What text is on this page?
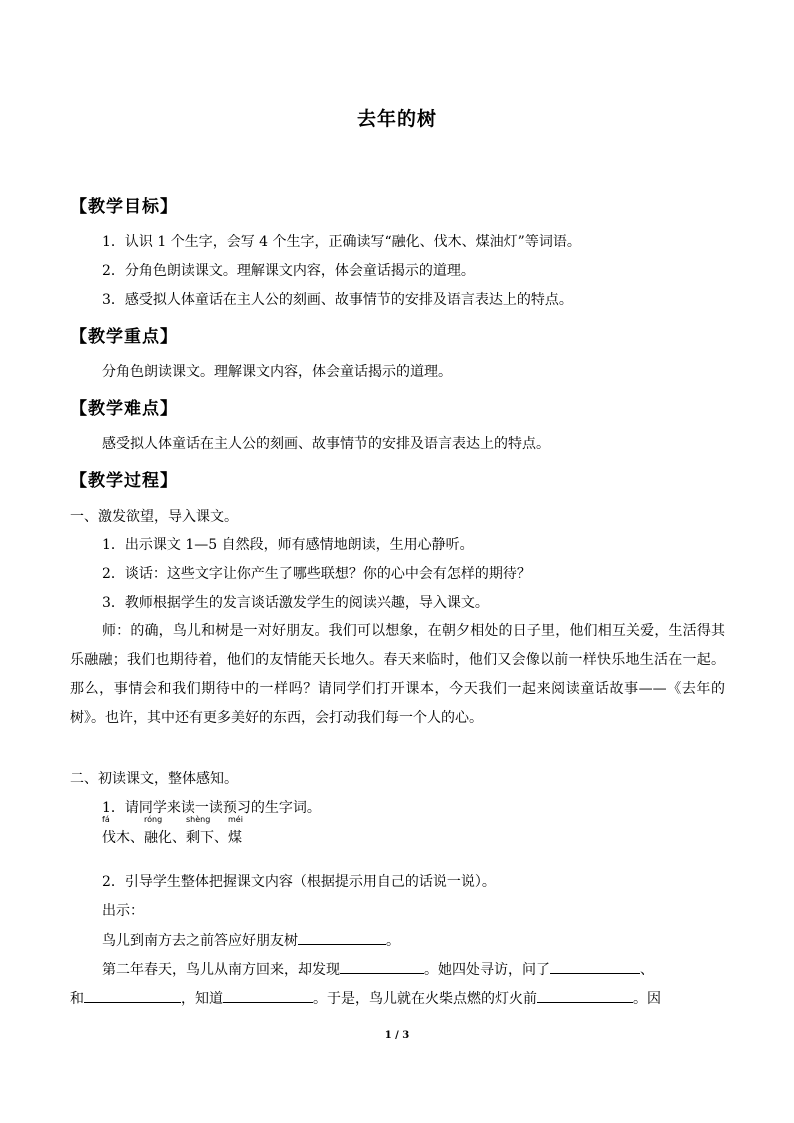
去年的树
【教学目标】
1．认识 1 个生字，会写 4 个生字，正确读写“融化、伐木、煤油灯”等词语。
2．分角色朗读课文。理解课文内容，体会童话揭示的道理。
3．感受拟人体童话在主人公的刻画、故事情节的安排及语言表达上的特点。
【教学重点】
分角色朗读课文。理解课文内容，体会童话揭示的道理。
【教学难点】
感受拟人体童话在主人公的刻画、故事情节的安排及语言表达上的特点。
【教学过程】
一、激发欲望，导入课文。
1．出示课文 1—5 自然段，师有感情地朗读，生用心静听。
2．谈话：这些文字让你产生了哪些联想？你的心中会有怎样的期待？
3．教师根据学生的发言谈话激发学生的阅读兴趣，导入课文。
师：的确，鸟儿和树是一对好朋友。我们可以想象，在朝夕相处的日子里，他们相互关爱，生活得其乐融融；我们也期待着，他们的友情能天长地久。春天来临时，他们又会像以前一样快乐地生活在一起。那么，事情会和我们期待中的一样吗？请同学们打开课本，今天我们一起来阅读童话故事——《去年的树》。也许，其中还有更多美好的东西，会打动我们每一个人的心。
二、初读课文，整体感知。
1．请同学来读一读预习的生字词。
fá
伐木、
róng
融化、
shèng
剩下、
méi
煤
2．引导学生整体把握课文内容（根据提示用自己的话说一说）。
出示：
鸟儿到南方去之前答应好朋友树	。
第二年春天，鸟儿从南方回来，却发现	。她四处寻访，问了	、
和	，知道	。于是，鸟儿就在火柴点燃的灯火前	。因
1 / 3
